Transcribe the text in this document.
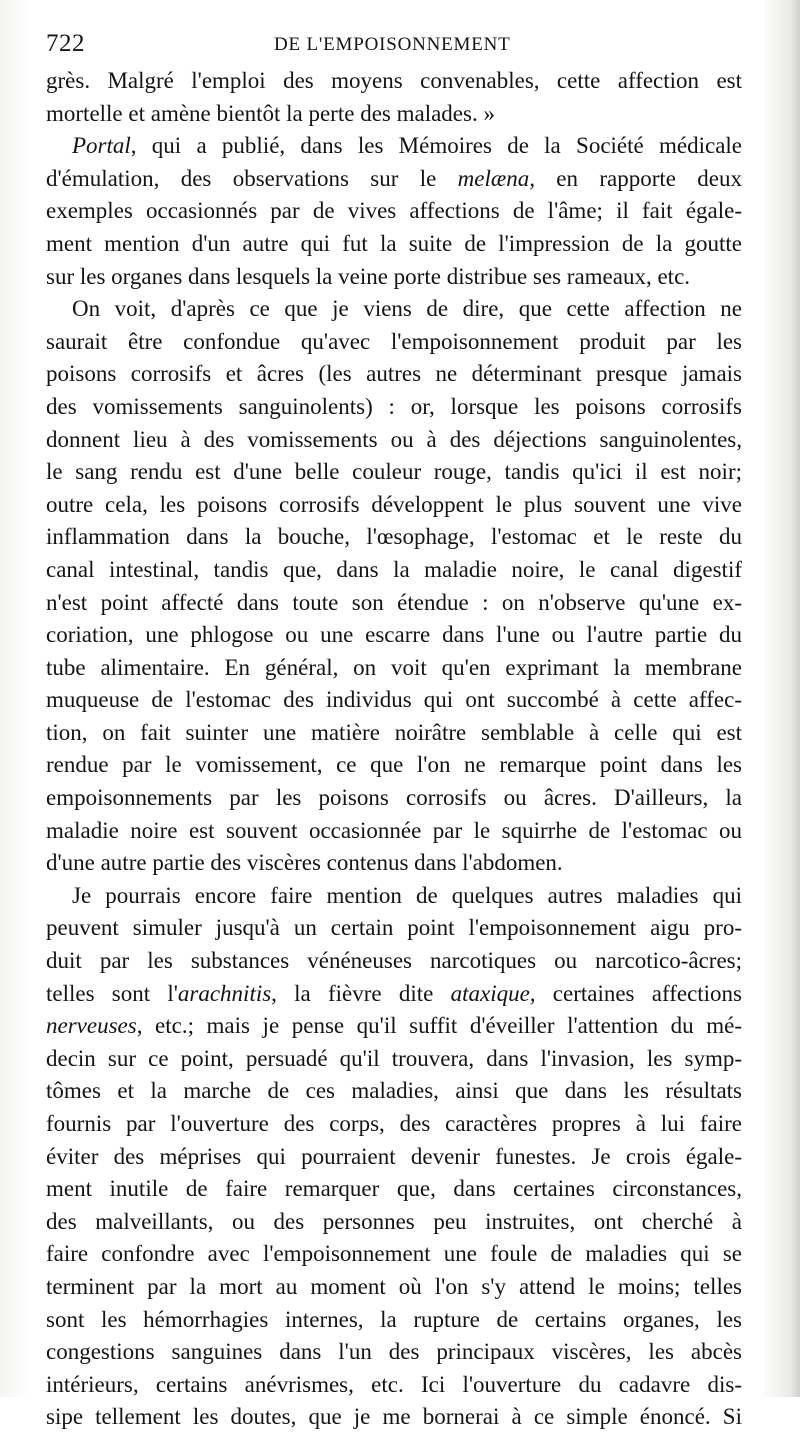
722	DE L'EMPOISONNEMENT
grès. Malgré l'emploi des moyens convenables, cette affection est
mortelle et amène bientôt la perte des malades. »
Portal, qui a publié, dans les Mémoires de la Société médicale
d'émulation, des observations sur le melæna, en rapporte deux
exemples occasionnés par de vives affections de l'âme; il fait égale-
ment mention d'un autre qui fut la suite de l'impression de la goutte
sur les organes dans lesquels la veine porte distribue ses rameaux, etc.
On voit, d'après ce que je viens de dire, que cette affection ne
saurait être confondue qu'avec l'empoisonnement produit par les
poisons corrosifs et âcres (les autres ne déterminant presque jamais
des vomissements sanguinolents) : or, lorsque les poisons corrosifs
donnent lieu à des vomissements ou à des déjections sanguinolentes,
le sang rendu est d'une belle couleur rouge, tandis qu'ici il est noir;
outre cela, les poisons corrosifs développent le plus souvent une vive
inflammation dans la bouche, l'œsophage, l'estomac et le reste du
canal intestinal, tandis que, dans la maladie noire, le canal digestif
n'est point affecté dans toute son étendue : on n'observe qu'une ex-
coriation, une phlogose ou une escarre dans l'une ou l'autre partie du
tube alimentaire. En général, on voit qu'en exprimant la membrane
muqueuse de l'estomac des individus qui ont succombé à cette affec-
tion, on fait suinter une matière noirâtre semblable à celle qui est
rendue par le vomissement, ce que l'on ne remarque point dans les
empoisonnements par les poisons corrosifs ou âcres. D'ailleurs, la
maladie noire est souvent occasionnée par le squirrhe de l'estomac ou
d'une autre partie des viscères contenus dans l'abdomen.
Je pourrais encore faire mention de quelques autres maladies qui
peuvent simuler jusqu'à un certain point l'empoisonnement aigu pro-
duit par les substances vénéneuses narcotiques ou narcotico-âcres;
telles sont l'arachnitis, la fièvre dite ataxique, certaines affections
nerveuses, etc.; mais je pense qu'il suffit d'éveiller l'attention du mé-
decin sur ce point, persuadé qu'il trouvera, dans l'invasion, les symp-
tômes et la marche de ces maladies, ainsi que dans les résultats
fournis par l'ouverture des corps, des caractères propres à lui faire
éviter des méprises qui pourraient devenir funestes. Je crois égale-
ment inutile de faire remarquer que, dans certaines circonstances,
des malveillants, ou des personnes peu instruites, ont cherché à
faire confondre avec l'empoisonnement une foule de maladies qui se
terminent par la mort au moment où l'on s'y attend le moins; telles
sont les hémorrhagies internes, la rupture de certains organes, les
congestions sanguines dans l'un des principaux viscères, les abcès
intérieurs, certains anévrismes, etc. Ici l'ouverture du cadavre dis-
sipe tellement les doutes, que je me bornerai à ce simple énoncé. Si
